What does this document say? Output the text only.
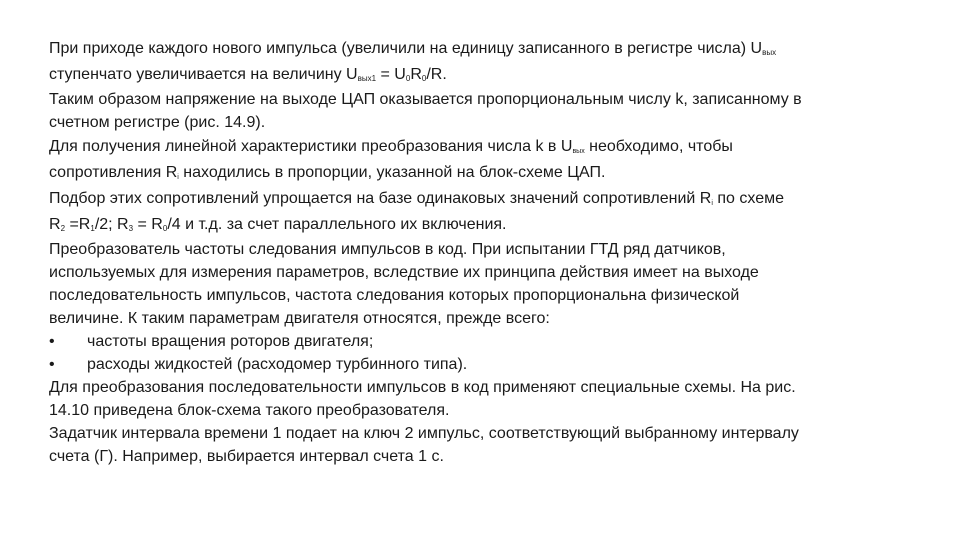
При приходе каждого нового импульса (увеличили на единицу записанного в регистре числа) $U_{вых}$
ступенчато увеличивается на величину $U_{вых1} = U_0R_0/R$.
Таким образом напряжение на выходе ЦАП оказывается пропорциональным числу k, записанному в
счетном регистре (рис. 14.9).
Для получения линейной характеристики преобразования числа k в Uвых необходимо, чтобы
сопротивления Ri находились в пропорции, указанной на блок-схеме ЦАП.
Подбор этих сопротивлений упрощается на базе одинаковых значений сопротивлений Ri по схеме
$R_2 =R_1/2$; $R_3 = R_0/4$ и т.д. за счет параллельного их включения.
Преобразователь частоты следования импульсов в код. При испытании ГТД ряд датчиков,
используемых для измерения параметров, вследствие их принципа действия имеет на выходе
последовательность импульсов, частота следования которых пропорциональна физической
величине. К таким параметрам двигателя относятся, прежде всего:
• частоты вращения роторов двигателя;
• расходы жидкостей (расходомер турбинного типа).
Для преобразования последовательности импульсов в код применяют специальные схемы. На рис.
14.10 приведена блок-схема такого преобразователя.
Задатчик интервала времени 1 подает на ключ 2 импульс, соответствующий выбранному интервалу
счета (Г). Например, выбирается интервал счета 1 с.
